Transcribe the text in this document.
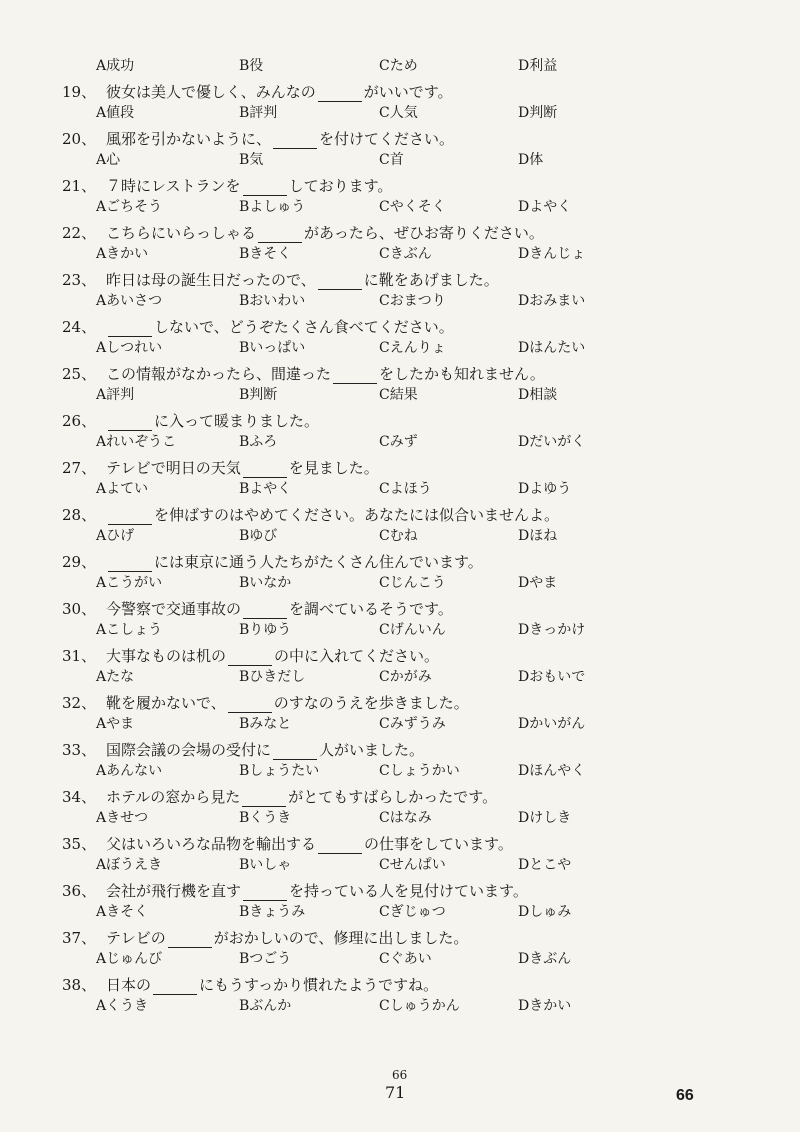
A成功	B役	Cため	D利益
19、 彼女は美人で優しく、みんなの	がいいです。
A値段	B評判	C人気	D判断
20、 風邪を引かないように、	を付けてください。
A心	B気	C首	D体
21、 ７時にレストランを	しております。
Aごちそう	Bよしゅう	Cやくそく	Dよやく
22、 こちらにいらっしゃる	があったら、ぜひお寄りください。
Aきかい	Bきそく	Cきぶん	Dきんじょ
23、 昨日は母の誕生日だったので、	に靴をあげました。
Aあいさつ	Bおいわい	Cおまつり	Dおみまい
24、	しないで、どうぞたくさん食べてください。
Aしつれい	Bいっぱい	Cえんりょ	Dはんたい
25、 この情報がなかったら、間違った	をしたかも知れません。
A評判	B判断	C結果	D相談
26、	に入って暖まりました。
Aれいぞうこ	Bふろ	Cみず	Dだいがく
27、 テレビで明日の天気	を見ました。
Aよてい	Bよやく	Cよほう	Dよゆう
28、	を伸ばすのはやめてください。あなたには似合いませんよ。
Aひげ	Bゆび	Cむね	Dほね
29、	には東京に通う人たちがたくさん住んでいます。
Aこうがい	Bいなか	Cじんこう	Dやま
30、 今警察で交通事故の	を調べているそうです。
Aこしょう	Bりゆう	Cげんいん	Dきっかけ
31、 大事なものは机の	の中に入れてください。
Aたな	Bひきだし	Cかがみ	Dおもいで
32、 靴を履かないで、	のすなのうえを歩きました。
Aやま	Bみなと	Cみずうみ	Dかいがん
33、 国際会議の会場の受付に	人がいました。
Aあんない	Bしょうたい	Cしょうかい	Dほんやく
34、 ホテルの窓から見た	がとてもすばらしかったです。
Aきせつ	Bくうき	Cはなみ	Dけしき
35、 父はいろいろな品物を輸出する	の仕事をしています。
Aぼうえき	Bいしゃ	Cせんぱい	Dとこや
36、 会社が飛行機を直す	を持っている人を見付けています。
Aきそく	Bきょうみ	Cぎじゅつ	Dしゅみ
37、 テレビの	がおかしいので、修理に出しました。
Aじゅんび	Bつごう	Cぐあい	Dきぶん
38、 日本の	にもうすっかり慣れたようですね。
Aくうき	Bぶんか	Cしゅうかん	Dきかい
66
71	66
